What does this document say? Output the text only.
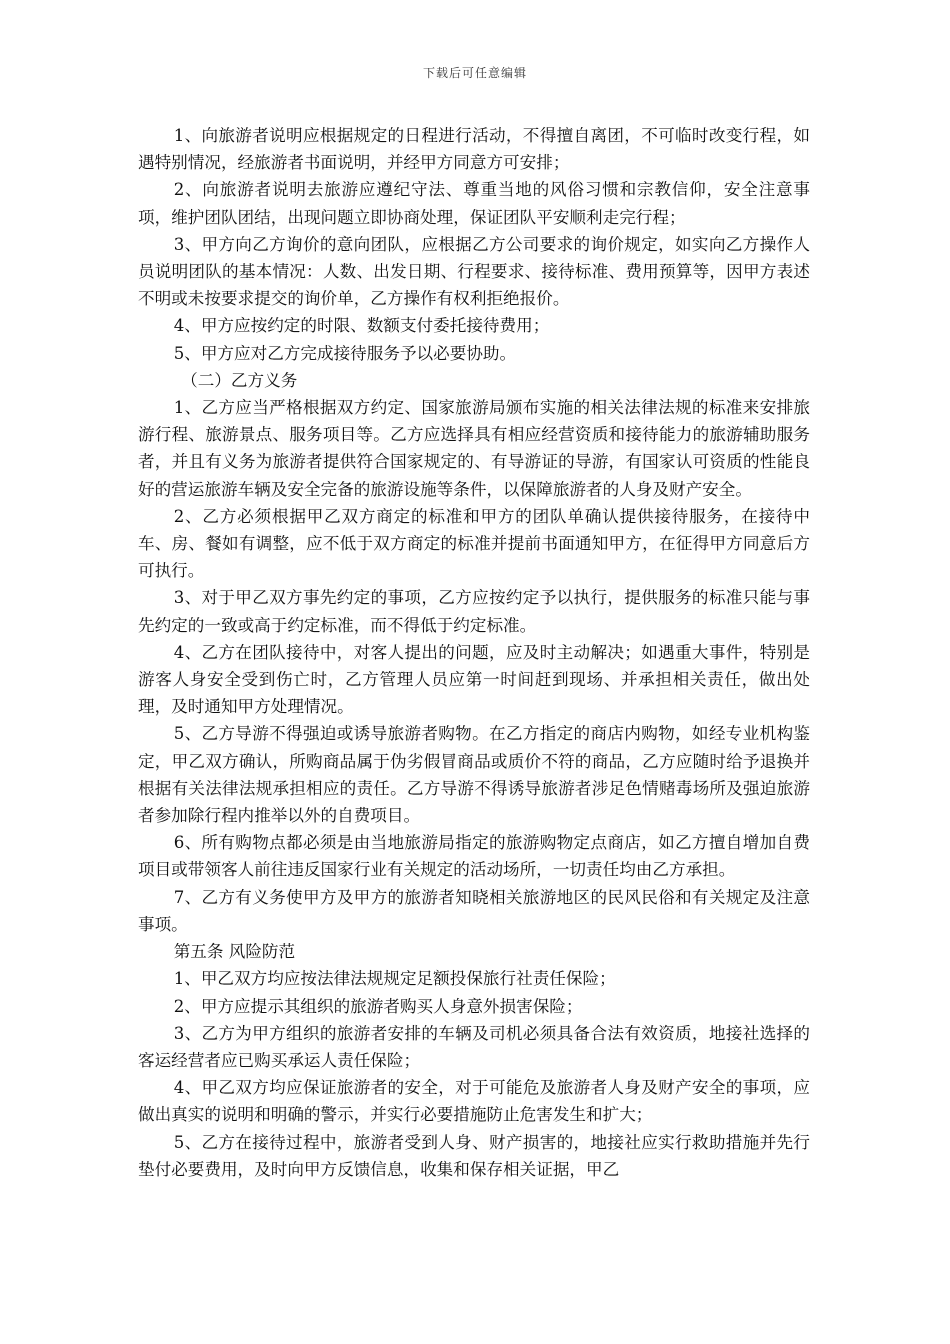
下载后可任意编辑

1、向旅游者说明应根据规定的日程进行活动，不得擅自离团，不可临时改变行程，如遇特别情况，经旅游者书面说明，并经甲方同意方可安排；

2、向旅游者说明去旅游应遵纪守法、尊重当地的风俗习惯和宗教信仰，安全注意事项，维护团队团结，出现问题立即协商处理，保证团队平安顺利走完行程；

3、甲方向乙方询价的意向团队，应根据乙方公司要求的询价规定，如实向乙方操作人员说明团队的基本情况：人数、出发日期、行程要求、接待标准、费用预算等，因甲方表述不明或未按要求提交的询价单，乙方操作有权利拒绝报价。

4、甲方应按约定的时限、数额支付委托接待费用；

5、甲方应对乙方完成接待服务予以必要协助。

（二）乙方义务

1、乙方应当严格根据双方约定、国家旅游局颁布实施的相关法律法规的标准来安排旅游行程、旅游景点、服务项目等。乙方应选择具有相应经营资质和接待能力的旅游辅助服务者，并且有义务为旅游者提供符合国家规定的、有导游证的导游，有国家认可资质的性能良好的营运旅游车辆及安全完备的旅游设施等条件，以保障旅游者的人身及财产安全。

2、乙方必须根据甲乙双方商定的标准和甲方的团队单确认提供接待服务，在接待中车、房、餐如有调整，应不低于双方商定的标准并提前书面通知甲方，在征得甲方同意后方可执行。

3、对于甲乙双方事先约定的事项，乙方应按约定予以执行，提供服务的标准只能与事先约定的一致或高于约定标准，而不得低于约定标准。

4、乙方在团队接待中，对客人提出的问题，应及时主动解决；如遇重大事件，特别是游客人身安全受到伤亡时，乙方管理人员应第一时间赶到现场、并承担相关责任，做出处理，及时通知甲方处理情况。

5、乙方导游不得强迫或诱导旅游者购物。在乙方指定的商店内购物，如经专业机构鉴定，甲乙双方确认，所购商品属于伪劣假冒商品或质价不符的商品，乙方应随时给予退换并根据有关法律法规承担相应的责任。乙方导游不得诱导旅游者涉足色情赌毒场所及强迫旅游者参加除行程内推举以外的自费项目。

6、所有购物点都必须是由当地旅游局指定的旅游购物定点商店，如乙方擅自增加自费项目或带领客人前往违反国家行业有关规定的活动场所，一切责任均由乙方承担。

7、乙方有义务使甲方及甲方的旅游者知晓相关旅游地区的民风民俗和有关规定及注意事项。

第五条 风险防范

1、甲乙双方均应按法律法规规定足额投保旅行社责任保险；

2、甲方应提示其组织的旅游者购买人身意外损害保险；

3、乙方为甲方组织的旅游者安排的车辆及司机必须具备合法有效资质，地接社选择的客运经营者应已购买承运人责任保险；

4、甲乙双方均应保证旅游者的安全，对于可能危及旅游者人身及财产安全的事项，应做出真实的说明和明确的警示，并实行必要措施防止危害发生和扩大；

5、乙方在接待过程中，旅游者受到人身、财产损害的，地接社应实行救助措施并先行垫付必要费用，及时向甲方反馈信息，收集和保存相关证据，甲乙
